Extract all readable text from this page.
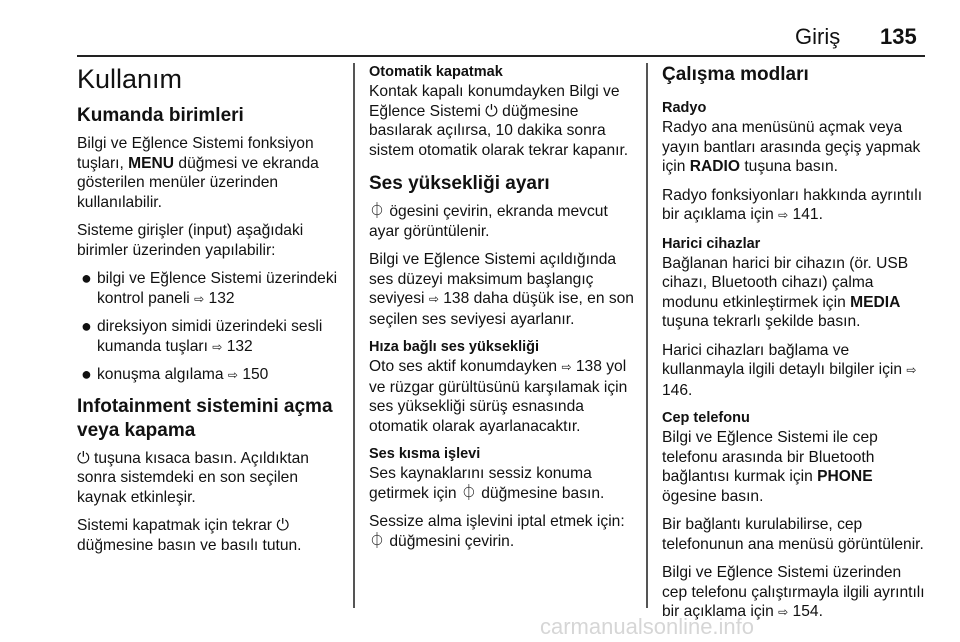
Giriş 135
Kullanım
Kumanda birimleri

Bilgi ve Eğlence Sistemi fonksiyon tuşları, MENU düğmesi ve ekranda gösterilen menüler üzerinden kullanılabilir.

Sisteme girişler (input) aşağıdaki birimler üzerinden yapılabilir:

● bilgi ve Eğlence Sistemi üzerindeki kontrol paneli ⇨ 132
● direksiyon simidi üzerindeki sesli kumanda tuşları ⇨ 132
● konuşma algılama ⇨ 150
Infotainment sistemini açma veya kapama

⏻ tuşuna kısaca basın. Açıldıktan sonra sistemdeki en son seçilen kaynak etkinleşir.

Sistemi kapatmak için tekrar ⏻ düğmesine basın ve basılı tutun.

Otomatik kapatmak

Kontak kapalı konumdayken Bilgi ve Eğlence Sistemi ⏻ düğmesine basılarak açılırsa, 10 dakika sonra sistem otomatik olarak tekrar kapanır.

Ses yüksekliği ayarı

⏀ ögesini çevirin, ekranda mevcut ayar görüntülenir.

Bilgi ve Eğlence Sistemi açıldığında ses düzeyi maksimum başlangıç seviyesi ⇨ 138 daha düşük ise, en son seçilen ses seviyesi ayarlanır.

Hıza bağlı ses yüksekliği

Oto ses aktif konumdayken ⇨ 138 yol ve rüzgar gürültüsünü karşılamak için ses yüksekliği sürüş esnasında otomatik olarak ayarlanacaktır.

Ses kısma işlevi

Ses kaynaklarını sessiz konuma getirmek için ⏀ düğmesine basın.

Sessize alma işlevini iptal etmek için:
⏀ düğmesini çevirin.

Çalışma modları
Radyo

Radyo ana menüsünü açmak veya yayın bantları arasında geçiş yapmak için RADIO tuşuna basın.

Radyo fonksiyonları hakkında ayrıntılı bir açıklama için ⇨ 141.

Harici cihazlar

Bağlanan harici bir cihazın (ör. USB cihazı, Bluetooth cihazı) çalma modunu etkinleştirmek için MEDIA tuşuna tekrarlı şekilde basın.

Harici cihazları bağlama ve kullanmayla ilgili detaylı bilgiler için ⇨ 146.

Cep telefonu

Bilgi ve Eğlence Sistemi ile cep telefonu arasında bir Bluetooth bağlantısı kurmak için PHONE ögesine basın.

Bir bağlantı kurulabilirse, cep telefonunun ana menüsü görüntülenir.

Bilgi ve Eğlence Sistemi üzerinden cep telefonu çalıştırmayla ilgili ayrıntılı bir açıklama için ⇨ 154.

carmanualsonline.info
